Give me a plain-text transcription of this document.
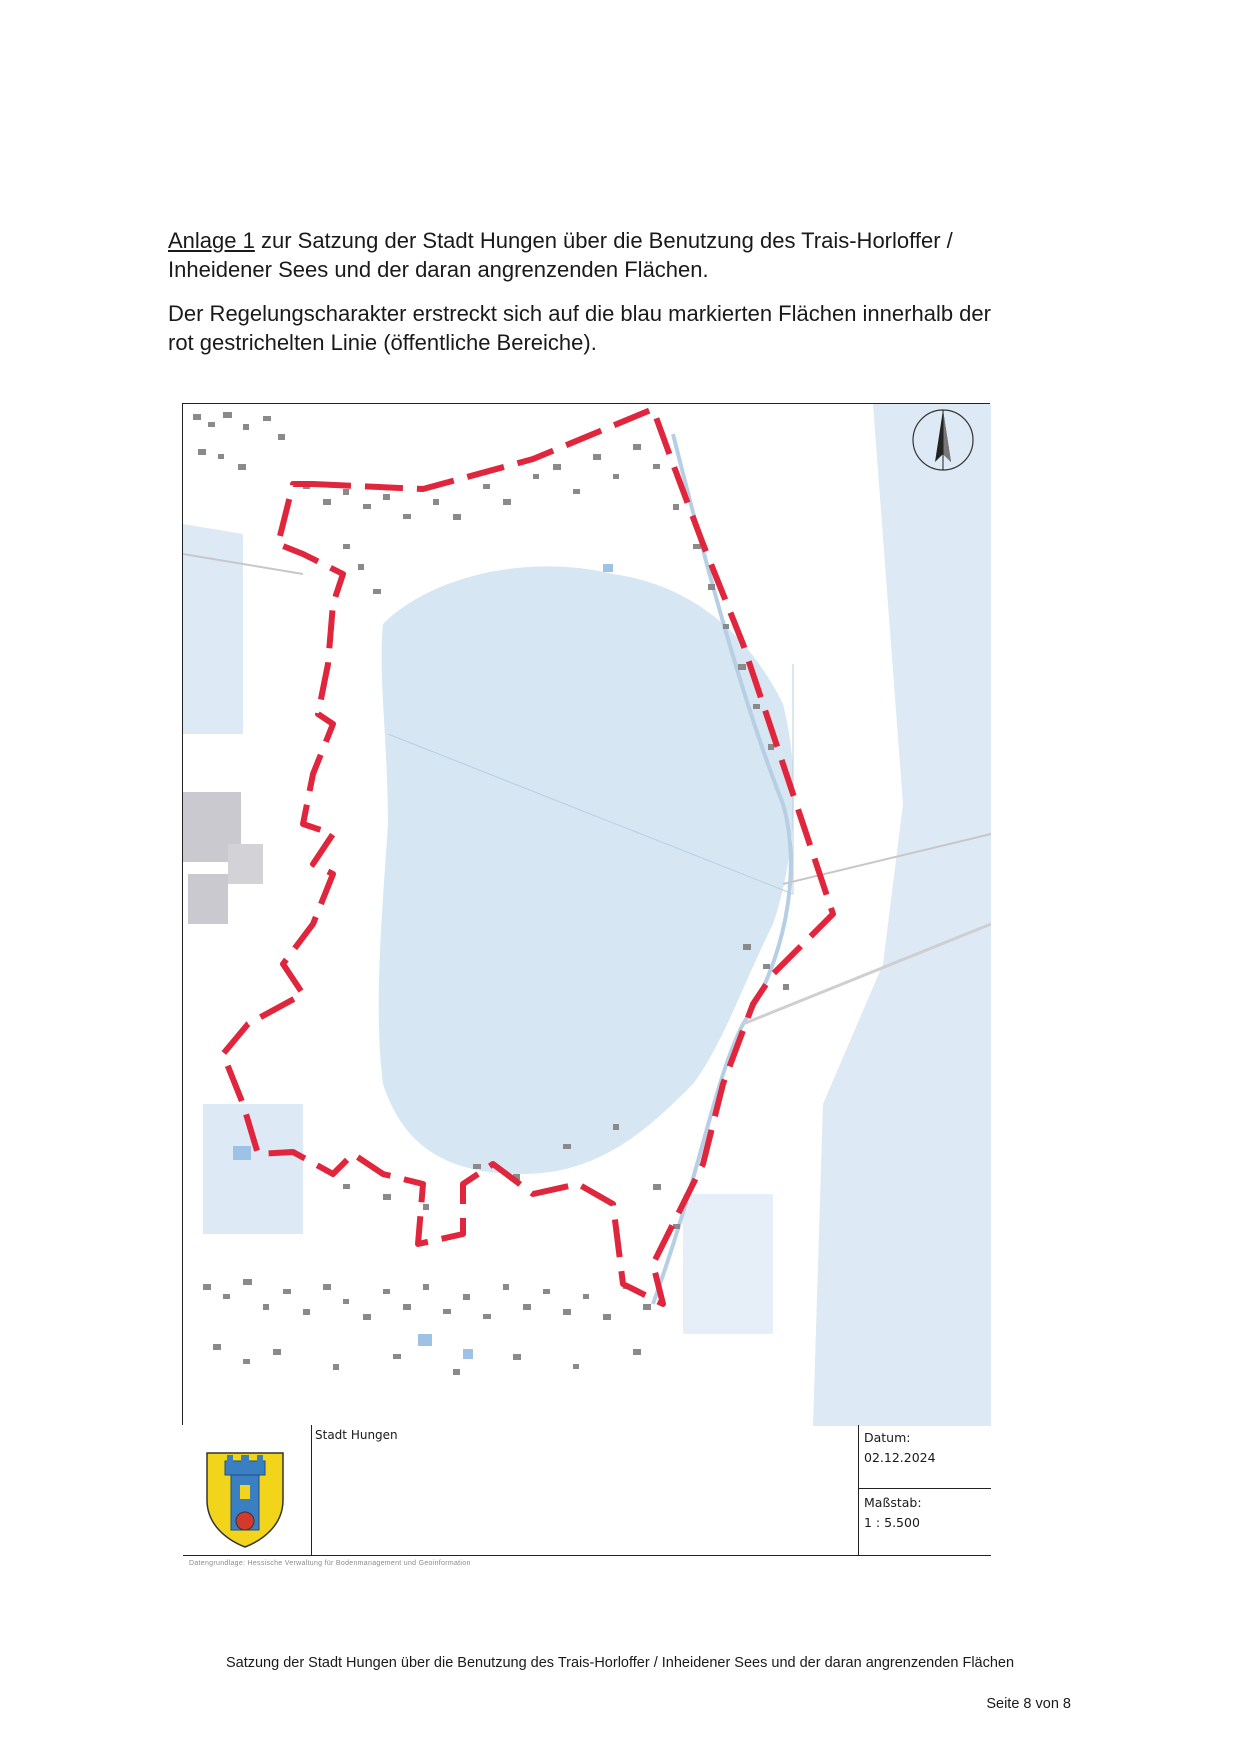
Anlage 1 zur Satzung der Stadt Hungen über die Benutzung des Trais-Horloffer /

Inheidener Sees und der daran angrenzenden Flächen.

Der Regelungscharakter erstreckt sich auf die blau markierten Flächen innerhalb der

rot gestrichelten Linie (öffentliche Bereiche).

Stadt Hungen	Datum:
02.12.2024
Maßstab:
1 : 5.500
Datengrundlage: Hessische Verwaltung für Bodenmanagement und Geoinformation
Satzung der Stadt Hungen über die Benutzung des Trais-Horloffer / Inheidener Sees und der daran angrenzenden Flächen
Seite 8 von 8
